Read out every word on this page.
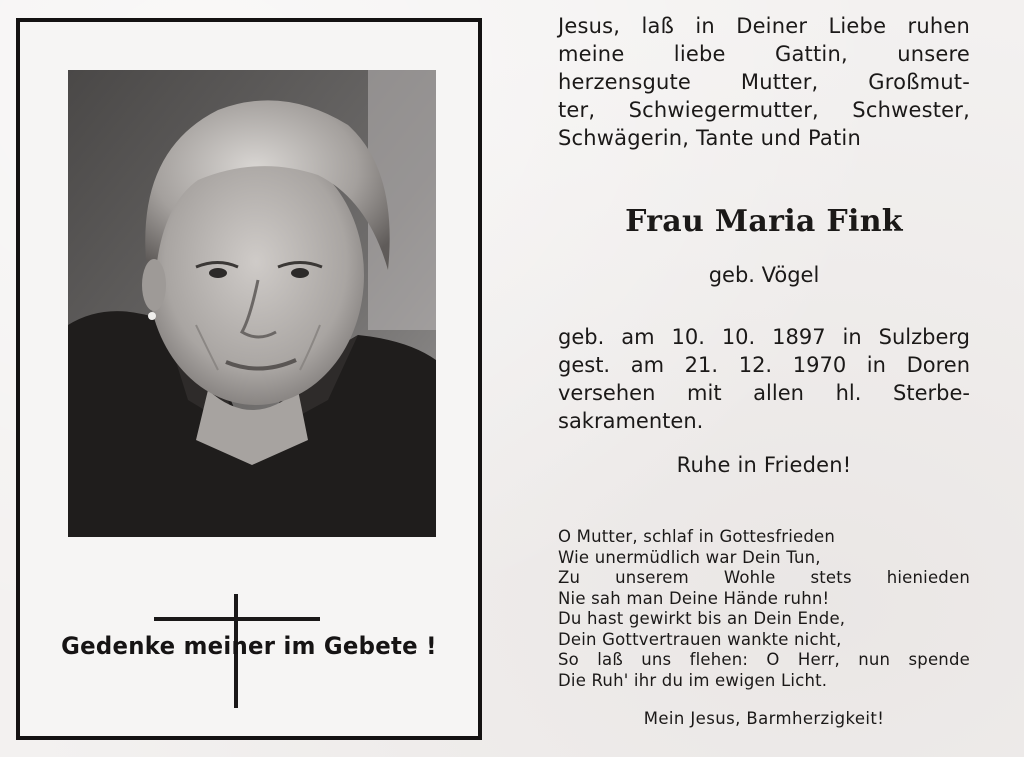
Gedenke meiner im Gebete !
Jesus, laß in Deiner Liebe ruhen
meine liebe Gattin, unsere
herzensgute Mutter, Großmut-
ter, Schwiegermutter, Schwester,
Schwägerin, Tante und Patin
Frau Maria Fink
geb. Vögel
geb. am 10. 10. 1897 in Sulzberg
gest. am 21. 12. 1970 in Doren
versehen mit allen hl. Sterbe-
sakramenten.
Ruhe in Frieden!
O Mutter, schlaf in Gottesfrieden
Wie unermüdlich war Dein Tun,
Zu unserem Wohle stets hienieden
Nie sah man Deine Hände ruhn!
Du hast gewirkt bis an Dein Ende,
Dein Gottvertrauen wankte nicht,
So laß uns flehen: O Herr, nun spende
Die Ruh' ihr du im ewigen Licht.
Mein Jesus, Barmherzigkeit!
